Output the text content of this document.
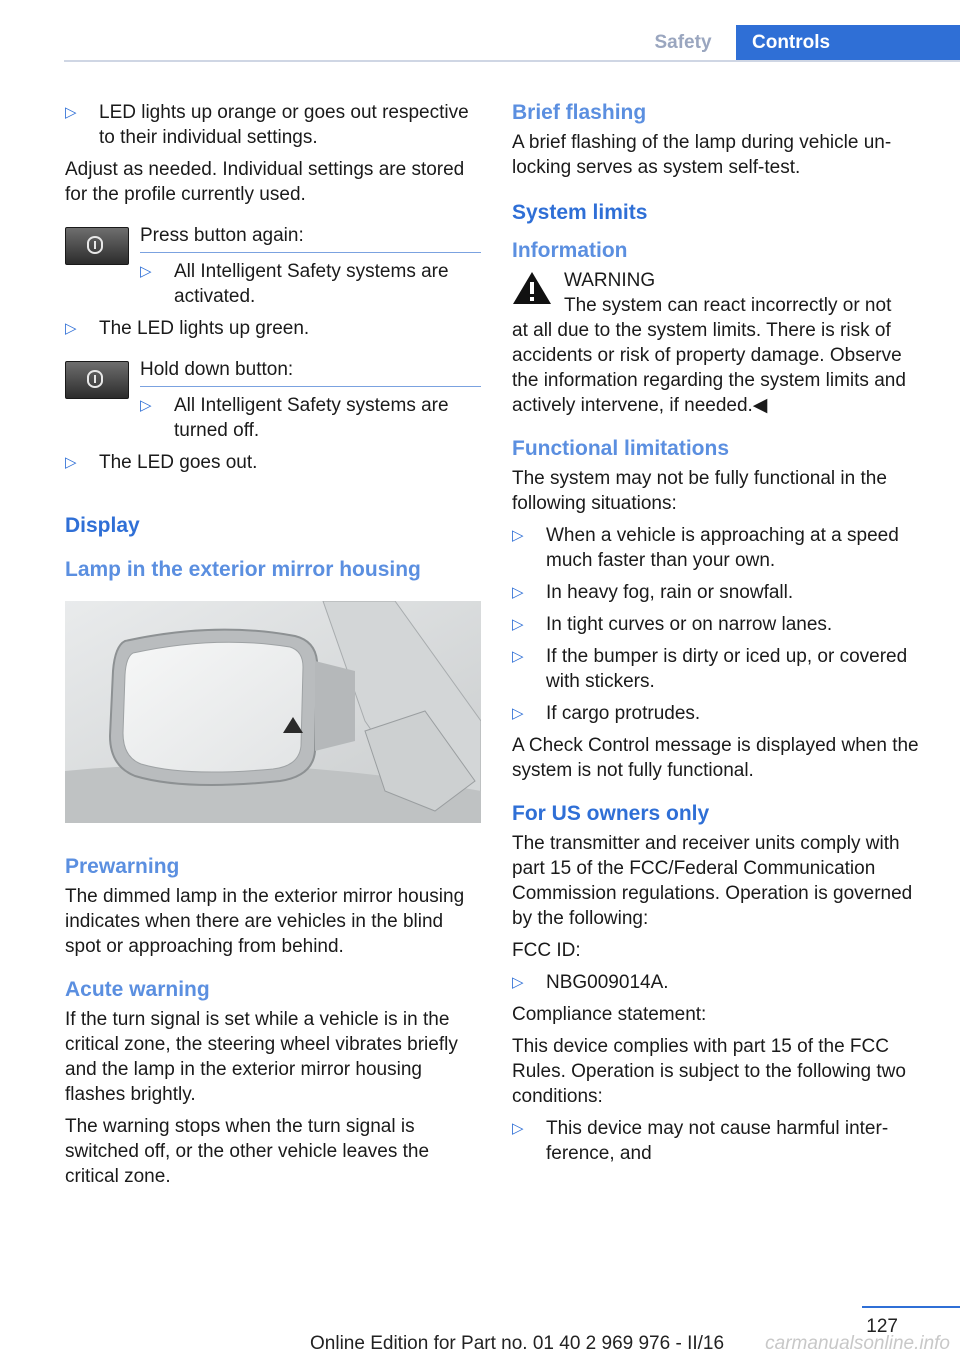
Safety	Controls
▷ LED lights up orange or goes out respective to their individual settings.

Adjust as needed. Individual settings are stored for the profile currently used.

Press button again:
▷ All Intelligent Safety systems are activated.
▷ The LED lights up green.
Hold down button:
▷ All Intelligent Safety systems are turned off.
▷ The LED goes out.
Display
Lamp in the exterior mirror housing
Prewarning

The dimmed lamp in the exterior mirror housing indicates when there are vehicles in the blind spot or approaching from behind.

Acute warning

If the turn signal is set while a vehicle is in the critical zone, the steering wheel vibrates briefly and the lamp in the exterior mirror housing flashes brightly.

The warning stops when the turn signal is switched off, or the other vehicle leaves the critical zone.

Brief flashing

A brief flashing of the lamp during vehicle unlocking serves as system self-test.

System limits
Information
WARNING
The system can react incorrectly or not

at all due to the system limits. There is risk of accidents or risk of property damage. Observe the information regarding the system limits and actively intervene, if needed.◀

Functional limitations

The system may not be fully functional in the following situations:

▷ When a vehicle is approaching at a speed much faster than your own.
▷ In heavy fog, rain or snowfall.
▷ In tight curves or on narrow lanes.
▷ If the bumper is dirty or iced up, or covered with stickers.
▷ If cargo protrudes.

A Check Control message is displayed when the system is not fully functional.

For US owners only

The transmitter and receiver units comply with part 15 of the FCC/Federal Communication Commission regulations. Operation is governed by the following:

FCC ID:

▷ NBG009014A.

Compliance statement:

This device complies with part 15 of the FCC Rules. Operation is subject to the following two conditions:

▷ This device may not cause harmful interference, and
127
Online Edition for Part no. 01 40 2 969 976 - II/16 carmanualsonline.info
